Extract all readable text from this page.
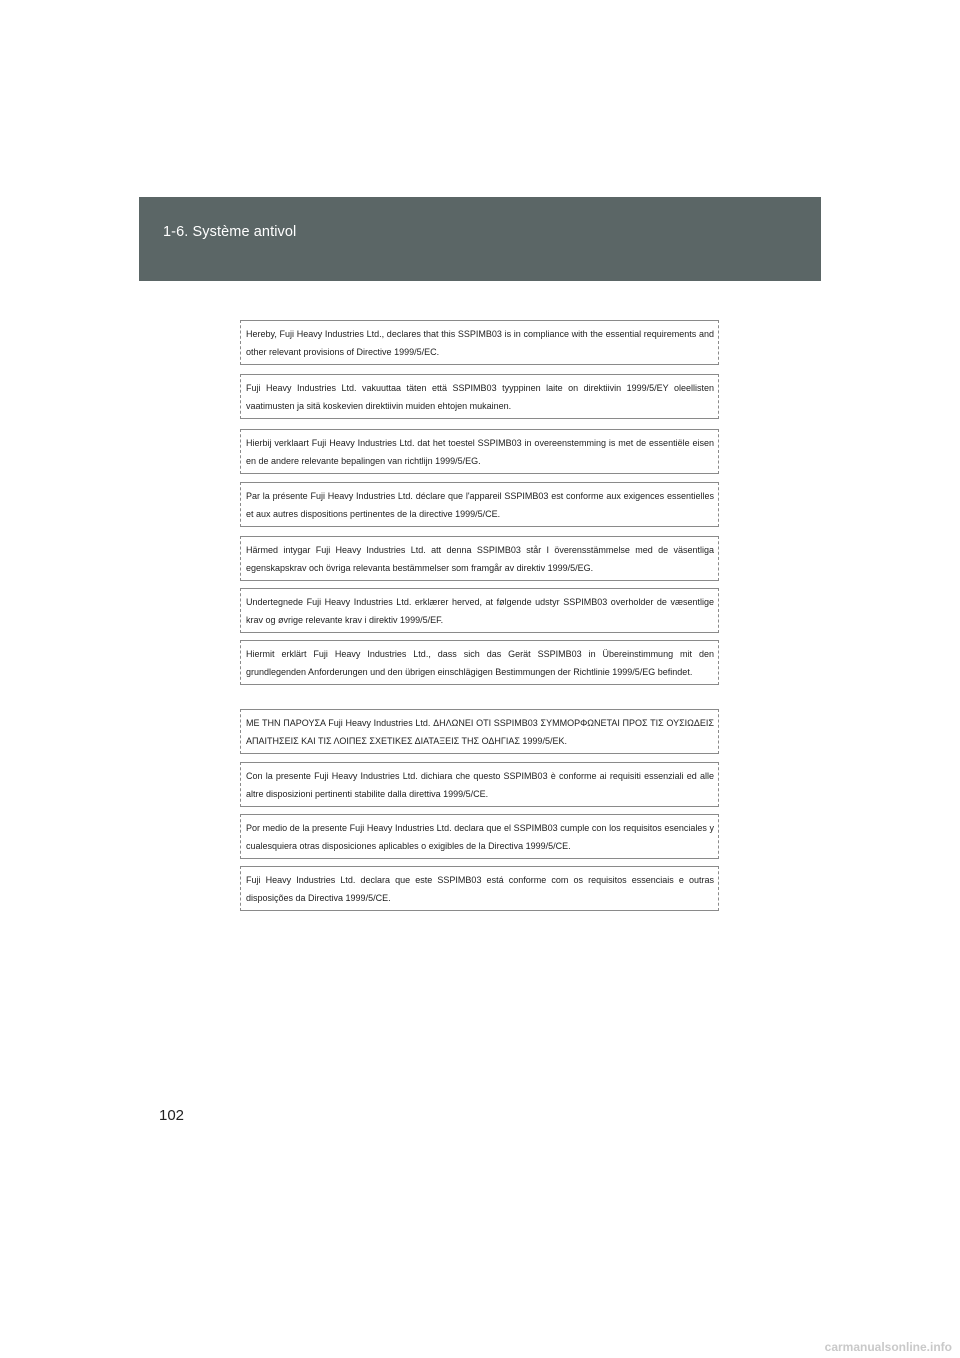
1-6. Système antivol
Hereby, Fuji Heavy Industries Ltd., declares that this SSPIMB03 is in compliance with the essential requirements and other relevant provisions of Directive 1999/5/EC.
Fuji Heavy Industries Ltd. vakuuttaa täten että SSPIMB03 tyyppinen laite on direktiivin 1999/5/EY oleellisten vaatimusten ja sitä koskevien direktiivin muiden ehtojen mukainen.
Hierbij verklaart Fuji Heavy Industries Ltd. dat het toestel SSPIMB03 in overeenstemming is met de essentiële eisen en de andere relevante bepalingen van richtlijn 1999/5/EG.
Par la présente Fuji Heavy Industries Ltd. déclare que l'appareil SSPIMB03 est conforme aux exigences essentielles et aux autres dispositions pertinentes de la directive 1999/5/CE.
Härmed intygar Fuji Heavy Industries Ltd. att denna SSPIMB03 står I överensstämmelse med de väsentliga egenskapskrav och övriga relevanta bestämmelser som framgår av direktiv 1999/5/EG.
Undertegnede Fuji Heavy Industries Ltd. erklærer herved, at følgende udstyr SSPIMB03 overholder de væsentlige krav og øvrige relevante krav i direktiv 1999/5/EF.
Hiermit erklärt Fuji Heavy Industries Ltd., dass sich das Gerät SSPIMB03 in Übereinstimmung mit den grundlegenden Anforderungen und den übrigen einschlägigen Bestimmungen der Richtlinie 1999/5/EG befindet.
ΜΕ ΤΗΝ ΠΑΡΟΥΣΑ Fuji Heavy Industries Ltd. ΔΗΛΩΝΕΙ ΟΤΙ SSPIMB03 ΣΥΜΜΟΡΦΩΝΕΤΑΙ ΠΡΟΣ ΤΙΣ ΟΥΣΙΩΔΕΙΣ ΑΠΑΙΤΗΣΕΙΣ ΚΑΙ ΤΙΣ ΛΟΙΠΕΣ ΣΧΕΤΙΚΕΣ ΔΙΑΤΑΞΕΙΣ ΤΗΣ ΟΔΗΓΙΑΣ 1999/5/ΕΚ.
Con la presente Fuji Heavy Industries Ltd. dichiara che questo SSPIMB03 è conforme ai requisiti essenziali ed alle altre disposizioni pertinenti stabilite dalla direttiva 1999/5/CE.
Por medio de la presente Fuji Heavy Industries Ltd. declara que el SSPIMB03 cumple con los requisitos esenciales y cualesquiera otras disposiciones aplicables o exigibles de la Directiva 1999/5/CE.
Fuji Heavy Industries Ltd. declara que este SSPIMB03 está conforme com os requisitos essenciais e outras disposições da Directiva 1999/5/CE.
102
carmanualsonline.info
